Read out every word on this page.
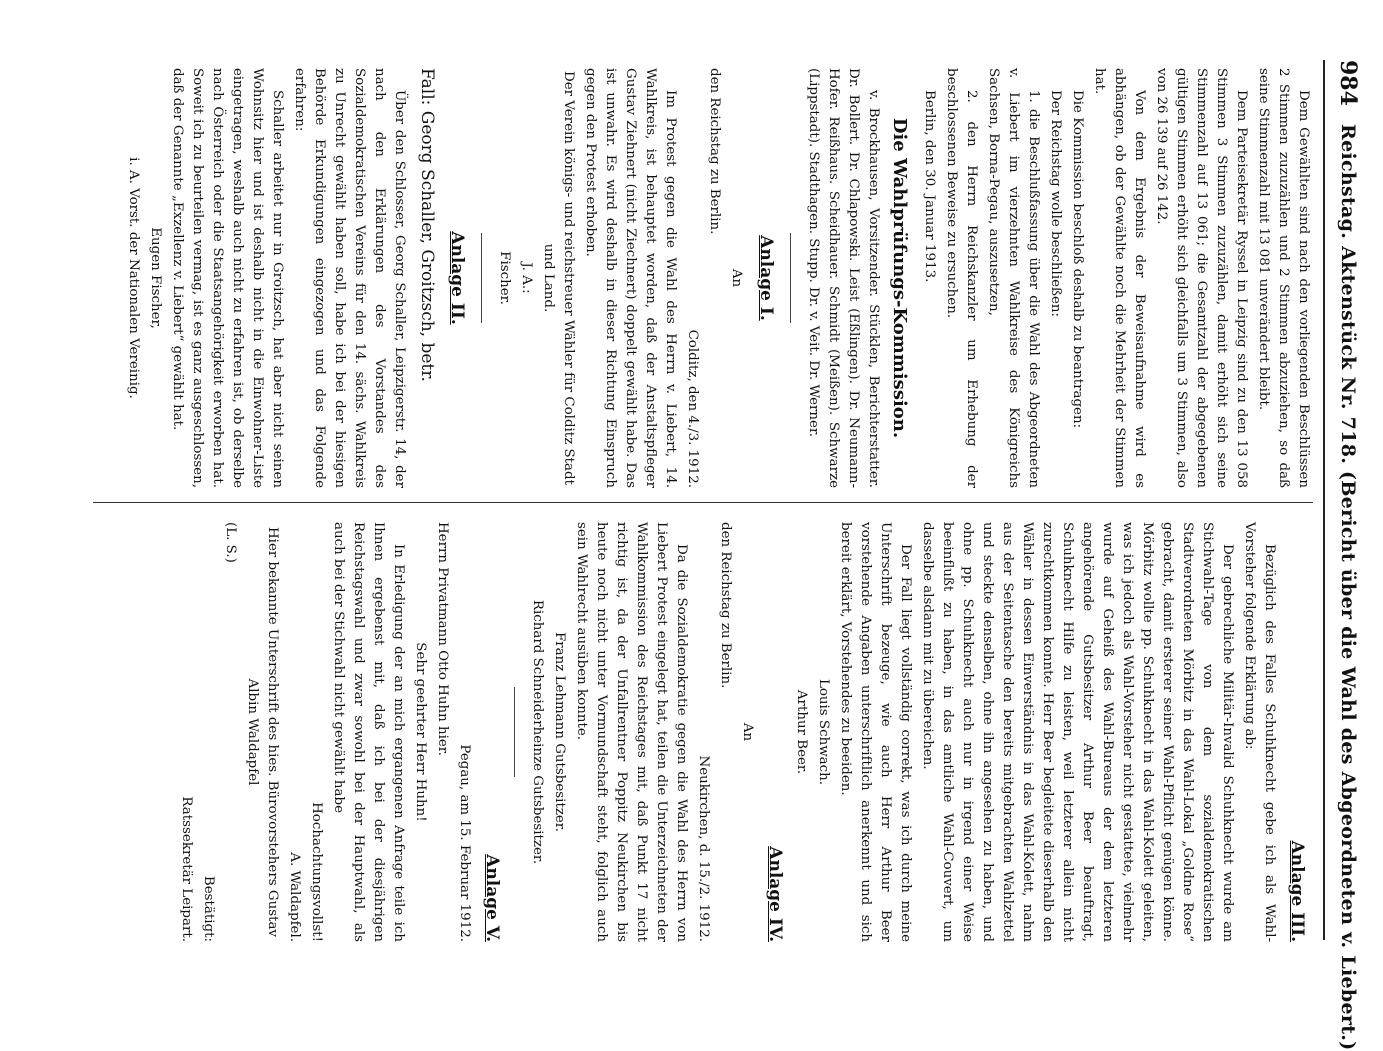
984
Reichstag. Aktenstück Nr. 718. (Bericht über die Wahl des Abgeordneten v. Liebert.)

Dem Gewählten sind nach den vorliegenden Beschlüssen 2 Stimmen zuzuzählen und 2 Stimmen abzuziehen, so daß seine Stimmenzahl mit 13 081 unverändert bleibt.

Dem Parteisekretär Ryssel in Leipzig sind zu den 13 058 Stimmen 3 Stimmen zuzuzählen, damit erhöht sich seine Stimmenzahl auf 13 061; die Gesamtzahl der abgegebenen gültigen Stimmen erhöht sich gleichfalls um 3 Stimmen, also von 26 139 auf 26 142.

Von dem Ergebnis der Beweisaufnahme wird es abhängen, ob der Gewählte noch die Mehrheit der Stimmen hat.

Die Kommission beschloß deshalb zu beantragen:

Der Reichstag wolle beschließen:

1. die Beschlußfassung über die Wahl des Abgeordneten v. Liebert im vierzehnten Wahlkreise des Königreichs Sachsen, Borna-Pegau, auszusetzen,

2. den Herrn Reichskanzler um Erhebung der beschlossenen Beweise zu ersuchen.

Berlin, den 30. Januar 1913.

Die Wahlprüfungs-Kommission.

v. Brockhausen, Vorsitzender. Stücklen, Berichterstatter. Dr. Bollert. Dr. Chlapowski. Leist (Eßlingen). Dr. Neumann-Hofer. Reißhaus. Scheidhauer. Schmidt (Meißen). Schwarze (Lippstadt). Stadthagen. Stupp. Dr. v. Veit. Dr. Werner.

Anlage I.

An

den Reichstag zu Berlin.

Colditz, den 4./3. 1912.

Im Protest gegen die Wahl des Herrn v. Liebert, 14. Wahlkreis, ist behauptet worden, daß der Anstaltspfleger Gustav Ziehnert (nicht Ziechnert) doppelt gewählt habe. Das ist unwahr. Es wird deshalb in dieser Richtung Einspruch gegen den Protest erhoben.

Der Verein königs- und reichstreuer Wähler für Colditz Stadt und Land.

J. A.:

Fischer.

Anlage II.

Fall: Georg Schaller, Groitzsch, betr.

Über den Schlosser, Georg Schaller, Leipzigerstr. 14, der nach den Erklärungen des Vorstandes des Sozialdemokratischen Vereins für den 14. sächs. Wahlkreis zu Unrecht gewählt haben soll, habe ich bei der hiesigen Behörde Erkundigungen eingezogen und das Folgende erfahren:

Schaller arbeitet nur in Groitzsch, hat aber nicht seinen Wohnsitz hier und ist deshalb nicht in die Einwohner-Liste eingetragen, weshalb auch nicht zu erfahren ist, ob derselbe nach Österreich oder die Staatsangehörigkeit erworben hat. Soweit ich zu beurteilen vermag, ist es ganz ausgeschlossen, daß der Genannte „Exzellenz v. Liebert“ gewählt hat.

Eugen Fischer,

i. A. Vorst. der Nationalen Vereinig.

Anlage III.

Bezüglich des Falles Schuhknecht gebe ich als Wahl-Vorsteher folgende Erklärung ab:

Der gebrechliche Militär-Invalid Schuhknecht wurde am Stichwahl-Tage von dem sozialdemokratischen Stadtverordneten Mörbitz in das Wahl-Lokal „Goldne Rose“ gebracht, damit ersterer seiner Wahl-Pflicht genügen könne. Mörbitz wollte pp. Schuhknecht in das Wahl-Kolett geleiten, was ich jedoch als Wahl-Vorsteher nicht gestattete, vielmehr wurde auf Geheiß des Wahl-Bureaus der dem letzteren angehörende Gutsbesitzer Arthur Beer beauftragt, Schuhknecht Hilfe zu leisten, weil letzterer allein nicht zurechtkommen konnte. Herr Beer begleitete dieserhalb den Wähler in dessen Einverständnis in das Wahl-Kolett, nahm aus der Seitentasche den bereits mitgebrachten Wahlzettel und steckte denselben, ohne ihn angesehen zu haben, und ohne pp. Schuhknecht auch nur in irgend einer Weise beeinflußt zu haben, in das amtliche Wahl-Couvert, um dasselbe alsdann mit zu übereichen.

Der Fall liegt vollständig correkt, was ich durch meine Unterschrift bezeuge, wie auch Herr Arthur Beer vorstehende Angaben unterschriftlich anerkennt und sich bereit erklärt, Vorstehendes zu beeiden.

Louis Schwach.

Arthur Beer.

Anlage IV.

An

den Reichstag zu Berlin.

Neukirchen, d. 15./2. 1912.

Da die Sozialdemokratie gegen die Wahl des Herrn von Liebert Protest eingelegt hat, teilen die Unterzeichneten der Wahlkommission des Reichstages mit, daß Punkt 17 nicht richtig ist, da der Unfallrentner Poppitz Neukirchen bis heute noch nicht unter Vormundschaft steht, folglich auch sein Wahlrecht ausüben konnte.

Franz Lehmann Gutsbesitzer.

Richard Schneiderheinze Gutsbesitzer.

Anlage V.

Pegau, am 15. Februar 1912.

Herrn Privatmann Otto Huhn hier.

Sehr geehrter Herr Huhn!

In Erledigung der an mich ergangenen Anfrage teile ich Ihnen ergebenst mit, daß ich bei der diesjährigen Reichstagswahl und zwar sowohl bei der Hauptwahl, als auch bei der Stichwahl nicht gewählt habe

Hochachtungsvollst!

A. Waldapfel.

Hier bekannte Unterschrift des hies. Bürovorstehers Gustav Albin Waldapfel

(L. S.)

Bestätigt:

Ratssekretär Leipart.
